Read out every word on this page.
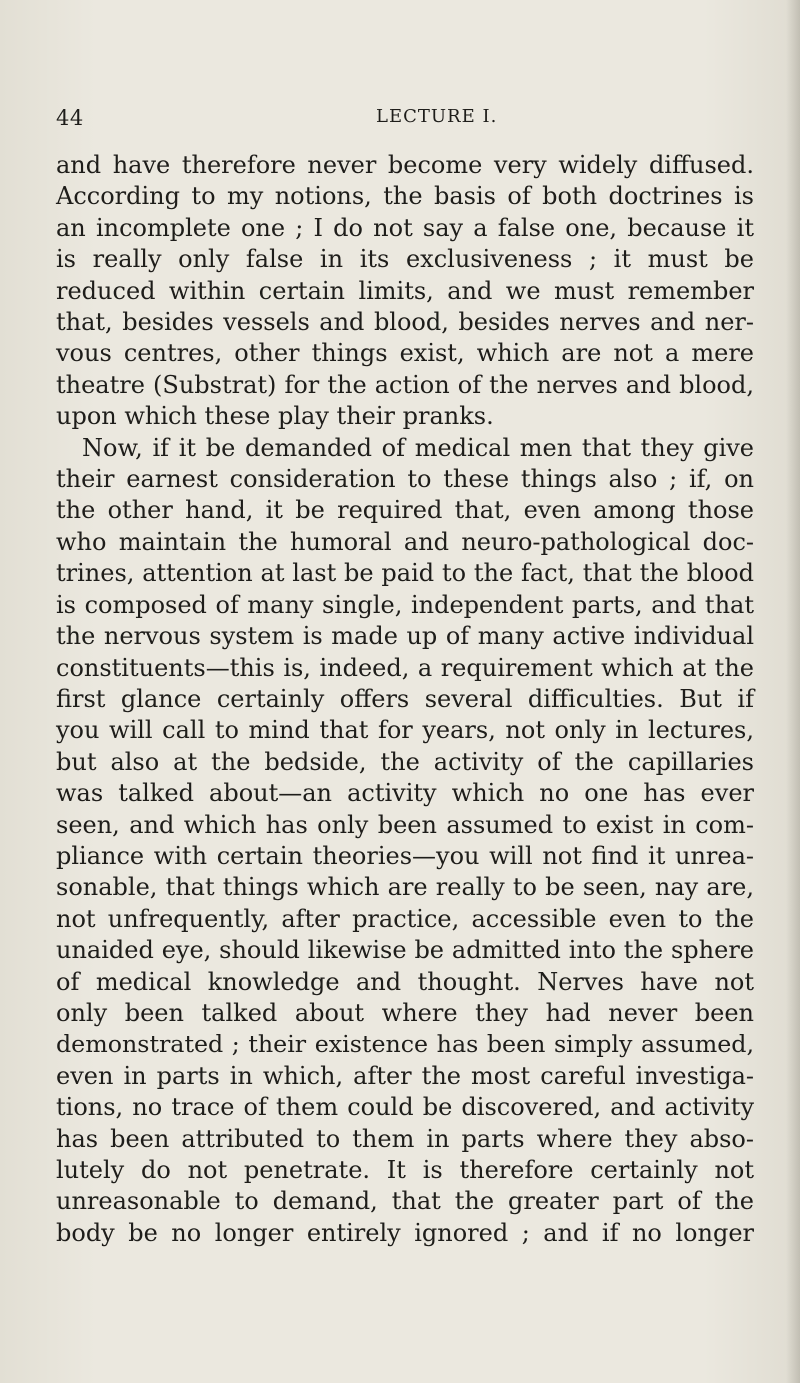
44	LECTURE I.
and have therefore never become very widely diffused.
According to my notions, the basis of both doctrines is
an incomplete one ; I do not say a false one, because it
is really only false in its exclusiveness ; it must be
reduced within certain limits, and we must remember
that, besides vessels and blood, besides nerves and ner-
vous centres, other things exist, which are not a mere
theatre (Substrat) for the action of the nerves and blood,
upon which these play their pranks.
Now, if it be demanded of medical men that they give
their earnest consideration to these things also ; if, on
the other hand, it be required that, even among those
who maintain the humoral and neuro-pathological doc-
trines, attention at last be paid to the fact, that the blood
is composed of many single, independent parts, and that
the nervous system is made up of many active individual
constituents—this is, indeed, a requirement which at the
first glance certainly offers several difficulties. But if
you will call to mind that for years, not only in lectures,
but also at the bedside, the activity of the capillaries
was talked about—an activity which no one has ever
seen, and which has only been assumed to exist in com-
pliance with certain theories—you will not find it unrea-
sonable, that things which are really to be seen, nay are,
not unfrequently, after practice, accessible even to the
unaided eye, should likewise be admitted into the sphere
of medical knowledge and thought. Nerves have not
only been talked about where they had never been
demonstrated ; their existence has been simply assumed,
even in parts in which, after the most careful investiga-
tions, no trace of them could be discovered, and activity
has been attributed to them in parts where they abso-
lutely do not penetrate. It is therefore certainly not
unreasonable to demand, that the greater part of the
body be no longer entirely ignored ; and if no longer
